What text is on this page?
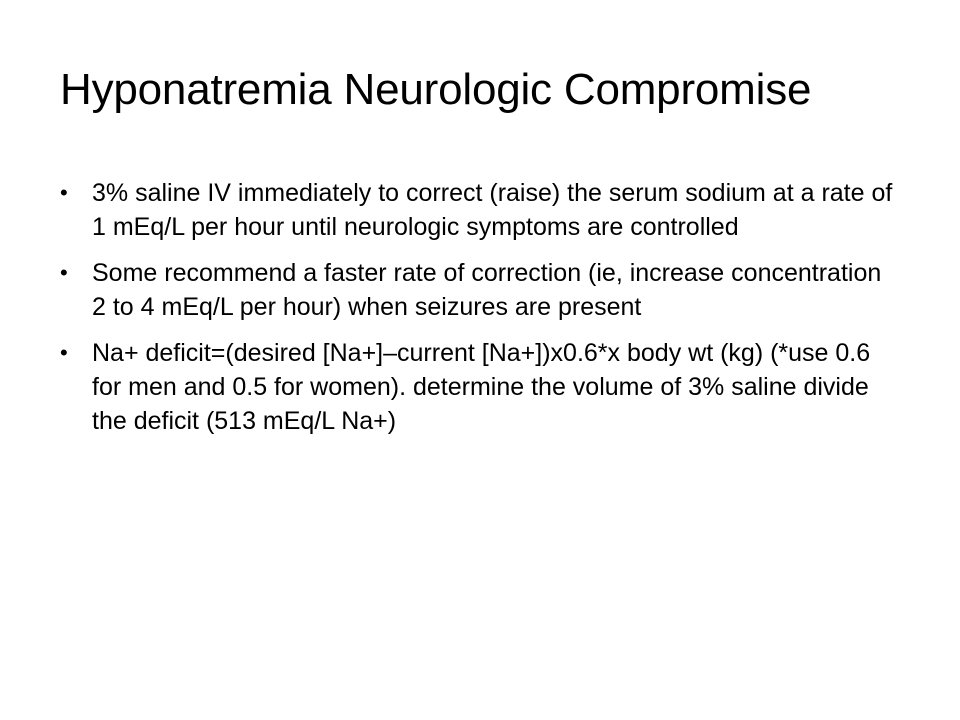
Hyponatremia Neurologic Compromise
• 3% saline IV immediately to correct (raise) the serum sodium at a rate of 1 mEq/L per hour until neurologic symptoms are controlled
• Some recommend a faster rate of correction (ie, increase concentration 2 to 4 mEq/L per hour) when seizures are present
• Na+ deficit=(desired [Na+]–current [Na+])x0.6*x body wt (kg) (*use 0.6 for men and 0.5 for women). determine the volume of 3% saline divide the deficit (513 mEq/L Na+)
